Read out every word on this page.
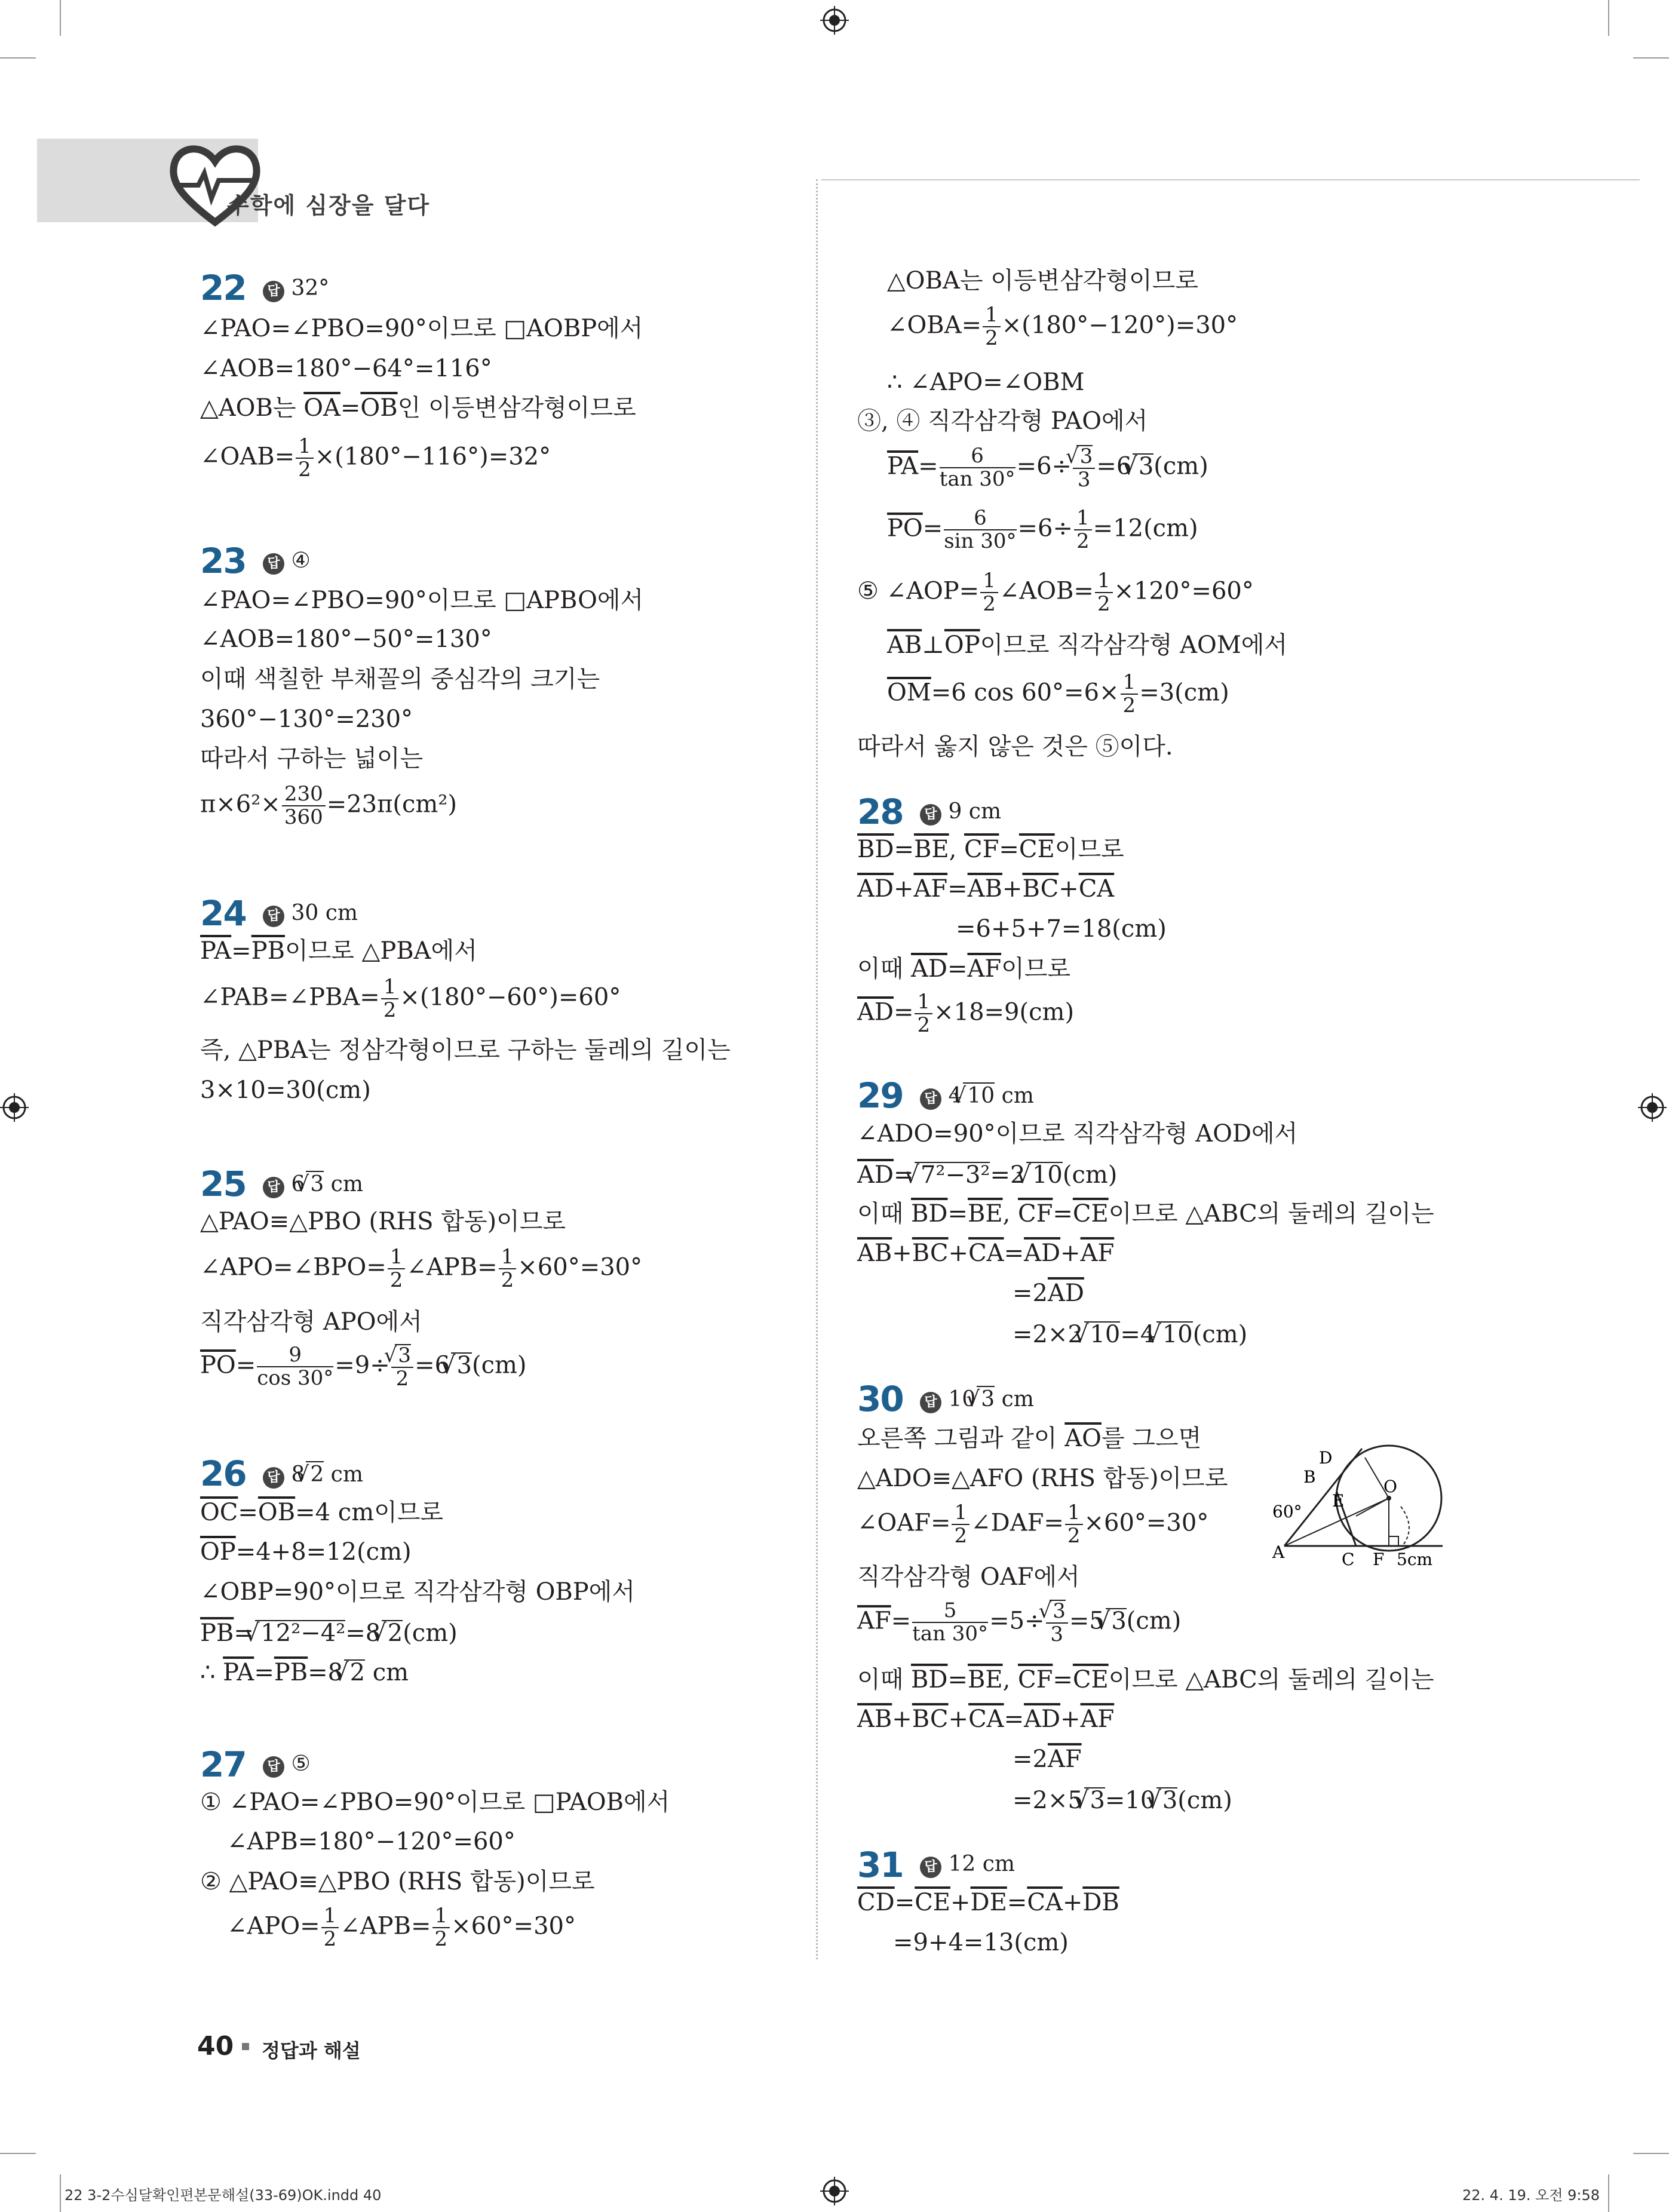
수학에 심장을 달다
22	답 32°
∠PAO=∠PBO=90°이므로 □AOBP에서
∠AOB=180°−64°=116°
△AOB는 $\overline{OA}=\overline{OB}$인 이등변삼각형이므로
∠OAB= $\frac{1}{2} \times(180^\circ-116^\circ)=32^\circ$
23	답 ④
∠PAO=∠PBO=90°이므로 □APBO에서
∠AOB=180°−50°=130°
이때 색칠한 부채꼴의 중심각의 크기는
360°−130°=230°
따라서 구하는 넓이는
$\pi\times 6^2\times \frac{230}{360} =23\pi(cm^2)$
24	답 30 cm
$\overline{PA}=\overline{PB}$이므로 △PBA에서
∠PAB=∠PBA= $\frac{1}{2} \times(180^\circ-60^\circ)=60^\circ$
즉, △PBA는 정삼각형이므로 구하는 둘레의 길이는
3×10=30(cm)
25	답 6 √ 3 cm
△PAO≡△PBO (RHS 합동)이므로
∠APO=∠BPO= $\frac{1}{2}$ ∠APB= $\frac{1}{2} \times 60^\circ=30^\circ$
직각삼각형 APO에서
$\overline{PO}= \frac{9}{\cos 30^\circ} =9\div$ √ $\frac{3}{2} =6$ √ 3(cm)
26	답 8 √ 2 cm
$\overline{OC}=\overline{OB}=4$ cm이므로
$\overline{OP}=4+8=12(cm)$
∠OBP=90°이므로 직각삼각형 OBP에서
$\overline{PB}=$ √ 12²−4²=8 √ 2(cm)
∴ $\overline{PA}=\overline{PB}=8$ √ 2 cm
27	답 ⑤
① ∠PAO=∠PBO=90°이므로 □PAOB에서
∠APB=180°−120°=60°
② △PAO≡△PBO (RHS 합동)이므로
∠APO= $\frac{1}{2}$ ∠APB= $\frac{1}{2} \times 60^\circ=30^\circ$
△OBA는 이등변삼각형이므로
∠OBA= $\frac{1}{2} \times(180^\circ-120^\circ)=30^\circ$
∴ ∠APO=∠OBM
③, ④ 직각삼각형 PAO에서
$\overline{PA}= \frac{6}{\tan 30^\circ} =6\div$ √ $\frac{3}{3} =6$ √ 3(cm)
$\overline{PO}= \frac{6}{\sin 30^\circ} =6\div \frac{1}{2} =12(cm)$
⑤ ∠AOP= $\frac{1}{2}$ ∠AOB= $\frac{1}{2} \times 120^\circ=60^\circ$
$\overline{AB}\perp\overline{OP}$이므로 직각삼각형 AOM에서
$\overline{OM}=6$ $\cos 60^\circ=6\times \frac{1}{2} =3(cm)$
따라서 옳지 않은 것은 ⑤이다.
28	답 9 cm
$\overline{BD}=\overline{BE}$, $\overline{CF}=\overline{CE}$이므로
$\overline{AD}+\overline{AF}=\overline{AB}+\overline{BC}+\overline{CA}$
=6+5+7=18(cm)
이때 $\overline{AD}=\overline{AF}$이므로
$\overline{AD}= \frac{1}{2} \times 18=9(cm)$
29	답 4 √ 10 cm
∠ADO=90°이므로 직각삼각형 AOD에서
$\overline{AD}=$ √ 7²−3²=2 √ 10(cm)
이때 $\overline{BD}=\overline{BE}$, $\overline{CF}=\overline{CE}$이므로 △ABC의 둘레의 길이는
$\overline{AB}+\overline{BC}+\overline{CA}=\overline{AD}+\overline{AF}$
$=2\overline{AD}$
=2×2 √ 10=4 √ 10(cm)
30	답 10 √ 3 cm
오른쪽 그림과 같이 $\overline{AO}$를 그으면
△ADO≡△AFO (RHS 합동)이므로
∠OAF= $\frac{1}{2}$ ∠DAF= $\frac{1}{2} \times 60^\circ=30^\circ$
직각삼각형 OAF에서
$\overline{AF}= \frac{5}{\tan 30^\circ} =5\div$ √ $\frac{3}{3} =5$ √ 3(cm)
이때 $\overline{BD}=\overline{BE}$, $\overline{CF}=\overline{CE}$이므로 △ABC의 둘레의 길이는
$\overline{AB}+\overline{BC}+\overline{CA}=\overline{AD}+\overline{AF}$
$=2\overline{AF}$
=2×5 √ 3=10 √ 3(cm)
D
B	O
E
60°
A	C F 5cm
31	답 12 cm
$\overline{CD}=\overline{CE}+\overline{DE}=\overline{CA}+\overline{DB}$
=9+4=13(cm)
40 정답과 해설
22 3-2수심달확인편본문해설(33-69)OK.indd 40	22. 4. 19. 오전 9:58
